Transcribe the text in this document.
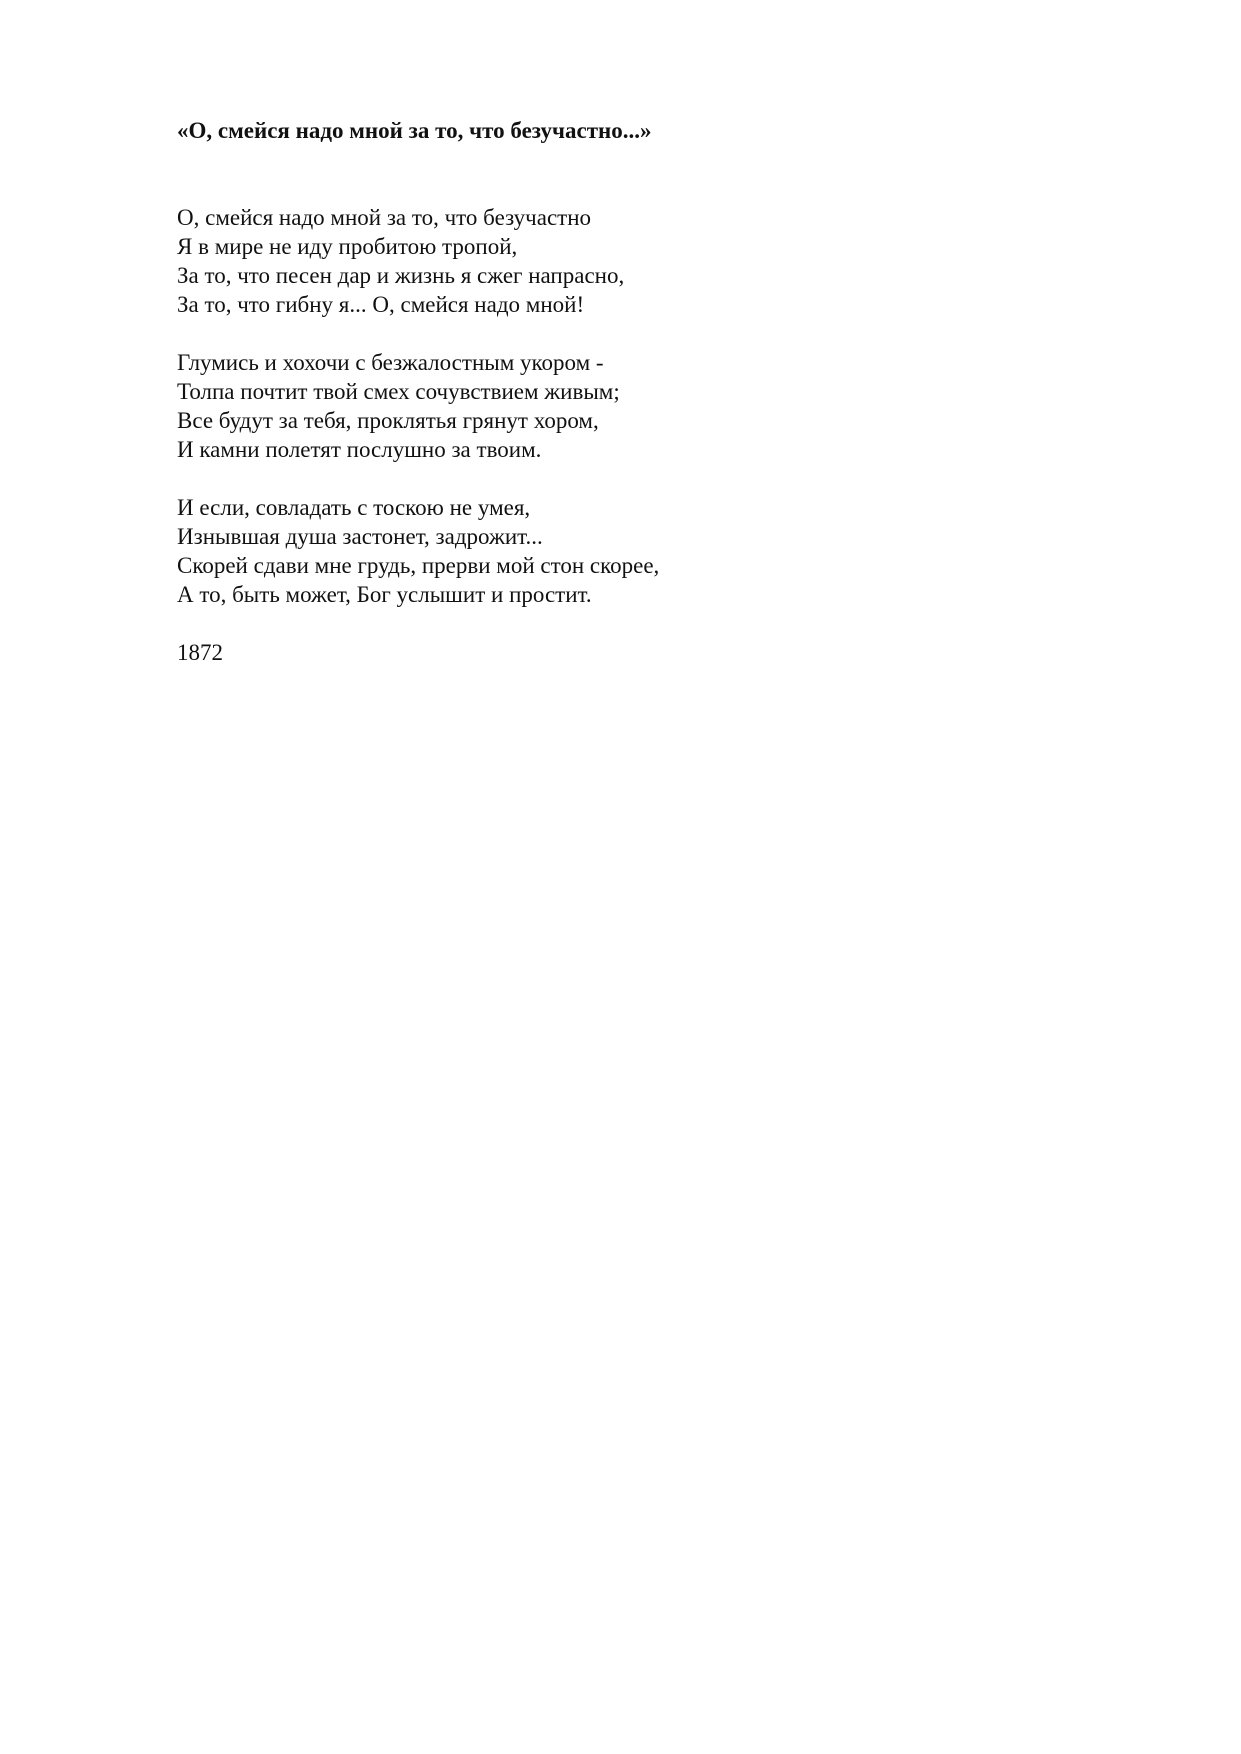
«О, смейся надо мной за то, что безучастно...»
О, смейся надо мной за то, что безучастно
Я в мире не иду пробитою тропой,
За то, что песен дар и жизнь я сжег напрасно,
За то, что гибну я... О, смейся надо мной!
Глумись и хохочи с безжалостным укором -
Толпа почтит твой смех сочувствием живым;
Все будут за тебя, проклятья грянут хором,
И камни полетят послушно за твоим.
И если, совладать с тоскою не умея,
Изнывшая душа застонет, задрожит...
Скорей сдави мне грудь, прерви мой стон скорее,
А то, быть может, Бог услышит и простит.
1872
